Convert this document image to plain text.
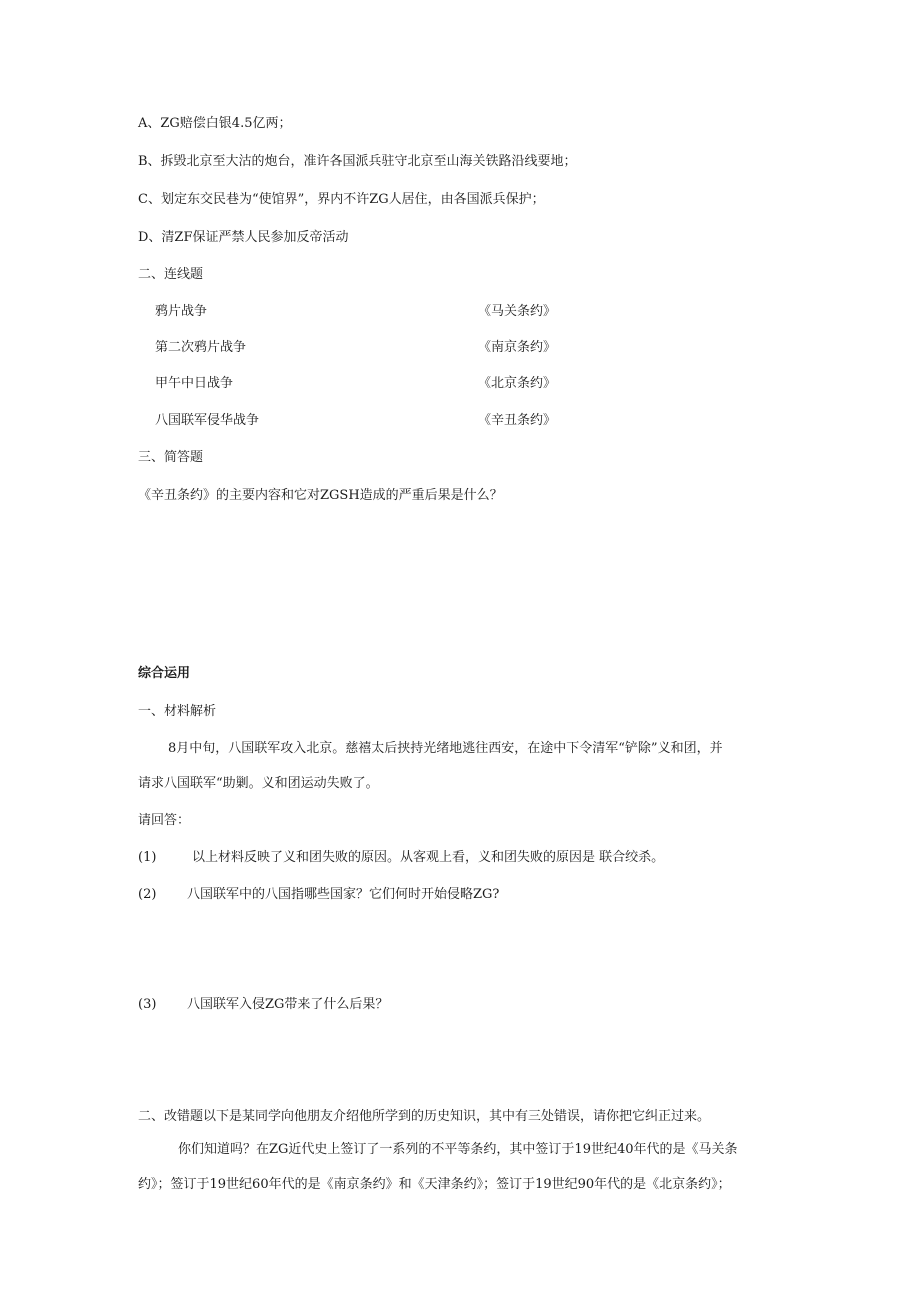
A、ZG赔偿白银4.5亿两；
B、拆毁北京至大沽的炮台，准许各国派兵驻守北京至山海关铁路沿线要地；
C、划定东交民巷为“使馆界”，界内不许ZG人居住，由各国派兵保护；
D、清ZF保证严禁人民参加反帝活动
二、连线题
鸦片战争	《马关条约》
第二次鸦片战争	《南京条约》
甲午中日战争	《北京条约》
八国联军侵华战争	《辛丑条约》
三、简答题
《辛丑条约》的主要内容和它对ZGSH造成的严重后果是什么？
综合运用
一、材料解析
8月中旬，八国联军攻入北京。慈禧太后挟持光绪地逃往西安，在途中下令清军“铲除”义和团，并
请求八国联军“助剿。义和团运动失败了。
请回答：
(1)	以上材料反映了义和团失败的原因。从客观上看，义和团失败的原因是 联合绞杀。
(2) 八国联军中的八国指哪些国家？它们何时开始侵略ZG?
(3) 八国联军入侵ZG带来了什么后果？
二、改错题以下是某同学向他朋友介绍他所学到的历史知识，其中有三处错误，请你把它纠正过来。
你们知道吗？在ZG近代史上签订了一系列的不平等条约，其中签订于19世纪40年代的是《马关条
约》；签订于19世纪60年代的是《南京条约》和《天津条约》；签订于19世纪90年代的是《北京条约》；
